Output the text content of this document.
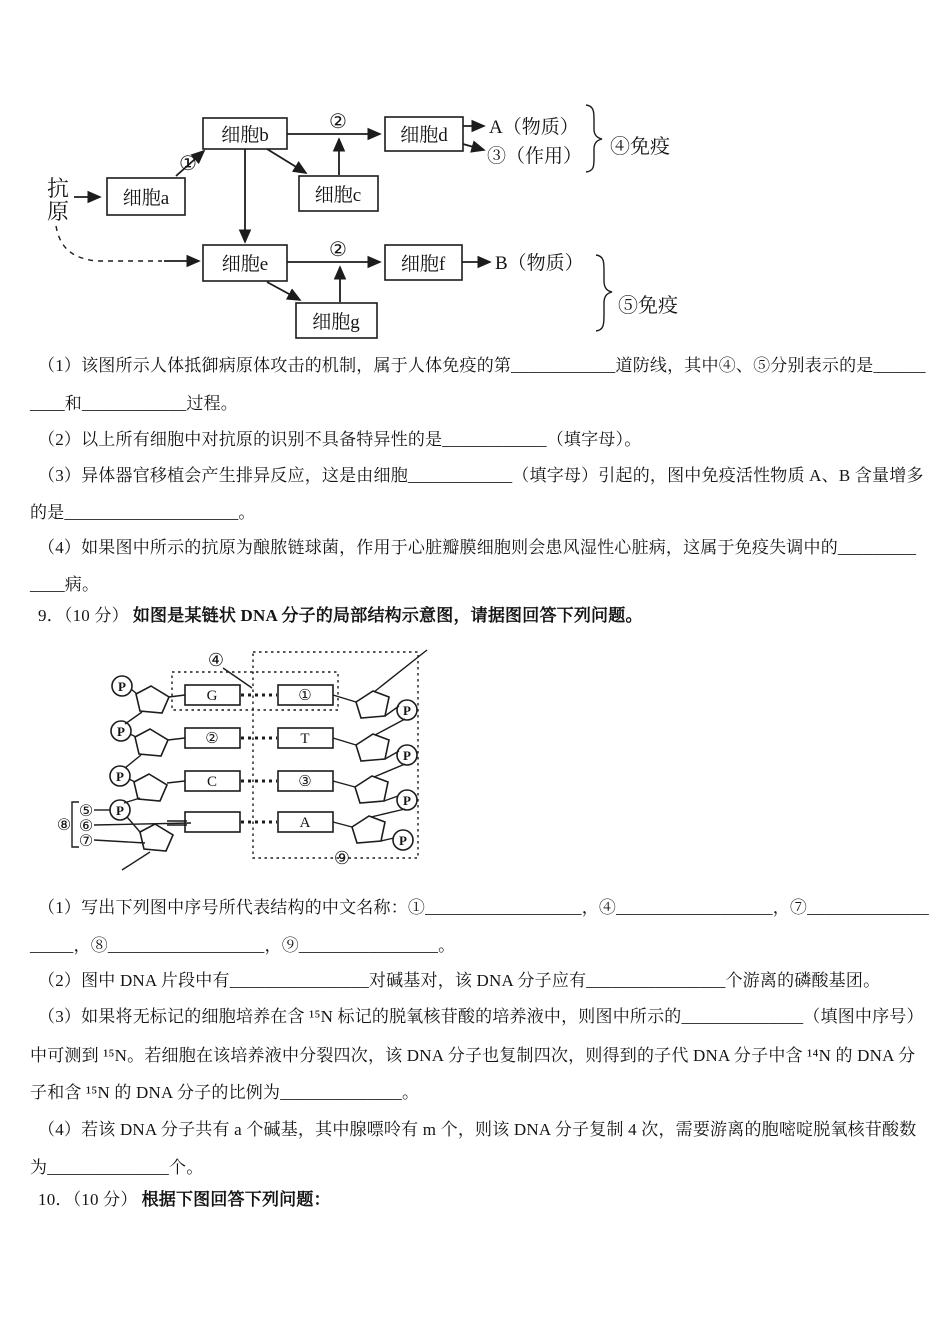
抗
原
细胞a
细胞b
细胞c
细胞d
细胞e	细胞f
细胞g
①
②
②
A（物质）
③（作用）
B（物质）
④免疫
⑤免疫
（1）该图所示人体抵御病原体攻击的机制，属于人体免疫的第____________道防线，其中④、⑤分别表示的是______
____和____________过程。
（2）以上所有细胞中对抗原的识别不具备特异性的是____________（填字母）。
（3）异体器官移植会产生排异反应，这是由细胞____________（填字母）引起的，图中免疫活性物质 A、B 含量增多
的是____________________。
（4）如果图中所示的抗原为酿脓链球菌，作用于心脏瓣膜细胞则会患风湿性心脏病，这属于免疫失调中的_________
____病。
9．（10 分） 如图是某链状 DNA 分子的局部结构示意图，请据图回答下列问题。
P
G
P	②
P	C
P
①
P
T
P
③
P
A
P
④
⑧
⑤
⑥
⑦
⑨
（1）写出下列图中序号所代表结构的中文名称：①__________________，④__________________，⑦______________
_____，⑧__________________，⑨________________。
（2）图中 DNA 片段中有________________对碱基对，该 DNA 分子应有________________个游离的磷酸基团。
（3）如果将无标记的细胞培养在含 ¹⁵N 标记的脱氧核苷酸的培养液中，则图中所示的______________（填图中序号）
中可测到 ¹⁵N。若细胞在该培养液中分裂四次，该 DNA 分子也复制四次，则得到的子代 DNA 分子中含 ¹⁴N 的 DNA 分
子和含 ¹⁵N 的 DNA 分子的比例为______________。
（4）若该 DNA 分子共有 a 个碱基，其中腺嘌呤有 m 个，则该 DNA 分子复制 4 次，需要游离的胞嘧啶脱氧核苷酸数
为______________个。
10．（10 分） 根据下图回答下列问题：
